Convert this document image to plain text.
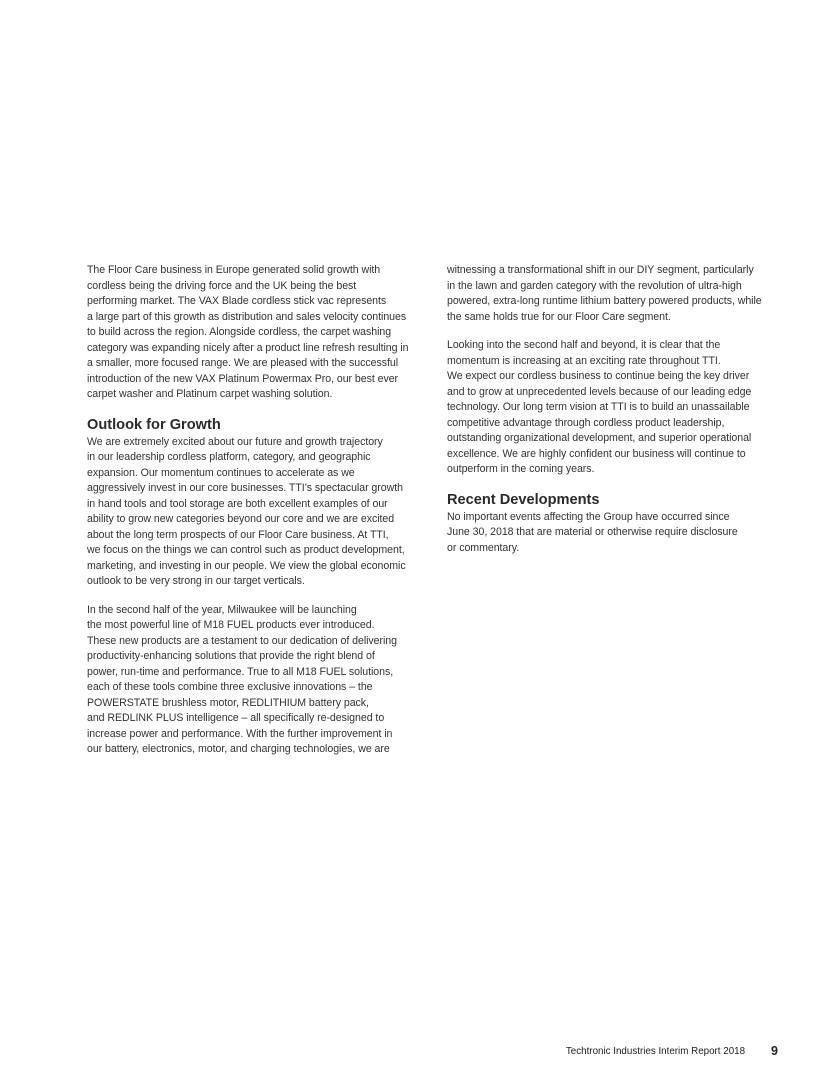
The Floor Care business in Europe generated solid growth with
cordless being the driving force and the UK being the best
performing market. The VAX Blade cordless stick vac represents
a large part of this growth as distribution and sales velocity continues
to build across the region. Alongside cordless, the carpet washing
category was expanding nicely after a product line refresh resulting in
a smaller, more focused range. We are pleased with the successful
introduction of the new VAX Platinum Powermax Pro, our best ever
carpet washer and Platinum carpet washing solution.
Outlook for Growth
We are extremely excited about our future and growth trajectory
in our leadership cordless platform, category, and geographic
expansion. Our momentum continues to accelerate as we
aggressively invest in our core businesses. TTI’s spectacular growth
in hand tools and tool storage are both excellent examples of our
ability to grow new categories beyond our core and we are excited
about the long term prospects of our Floor Care business. At TTI,
we focus on the things we can control such as product development,
marketing, and investing in our people. We view the global economic
outlook to be very strong in our target verticals.
In the second half of the year, Milwaukee will be launching
the most powerful line of M18 FUEL products ever introduced.
These new products are a testament to our dedication of delivering
productivity-enhancing solutions that provide the right blend of
power, run-time and performance. True to all M18 FUEL solutions,
each of these tools combine three exclusive innovations – the
POWERSTATE brushless motor, REDLITHIUM battery pack,
and REDLINK PLUS intelligence – all specifically re-designed to
increase power and performance. With the further improvement in
our battery, electronics, motor, and charging technologies, we are
witnessing a transformational shift in our DIY segment, particularly
in the lawn and garden category with the revolution of ultra-high
powered, extra-long runtime lithium battery powered products, while
the same holds true for our Floor Care segment.
Looking into the second half and beyond, it is clear that the
momentum is increasing at an exciting rate throughout TTI.
We expect our cordless business to continue being the key driver
and to grow at unprecedented levels because of our leading edge
technology. Our long term vision at TTI is to build an unassailable
competitive advantage through cordless product leadership,
outstanding organizational development, and superior operational
excellence. We are highly confident our business will continue to
outperform in the coming years.
Recent Developments
No important events affecting the Group have occurred since
June 30, 2018 that are material or otherwise require disclosure
or commentary.
Techtronic Industries Interim Report 2018 9
